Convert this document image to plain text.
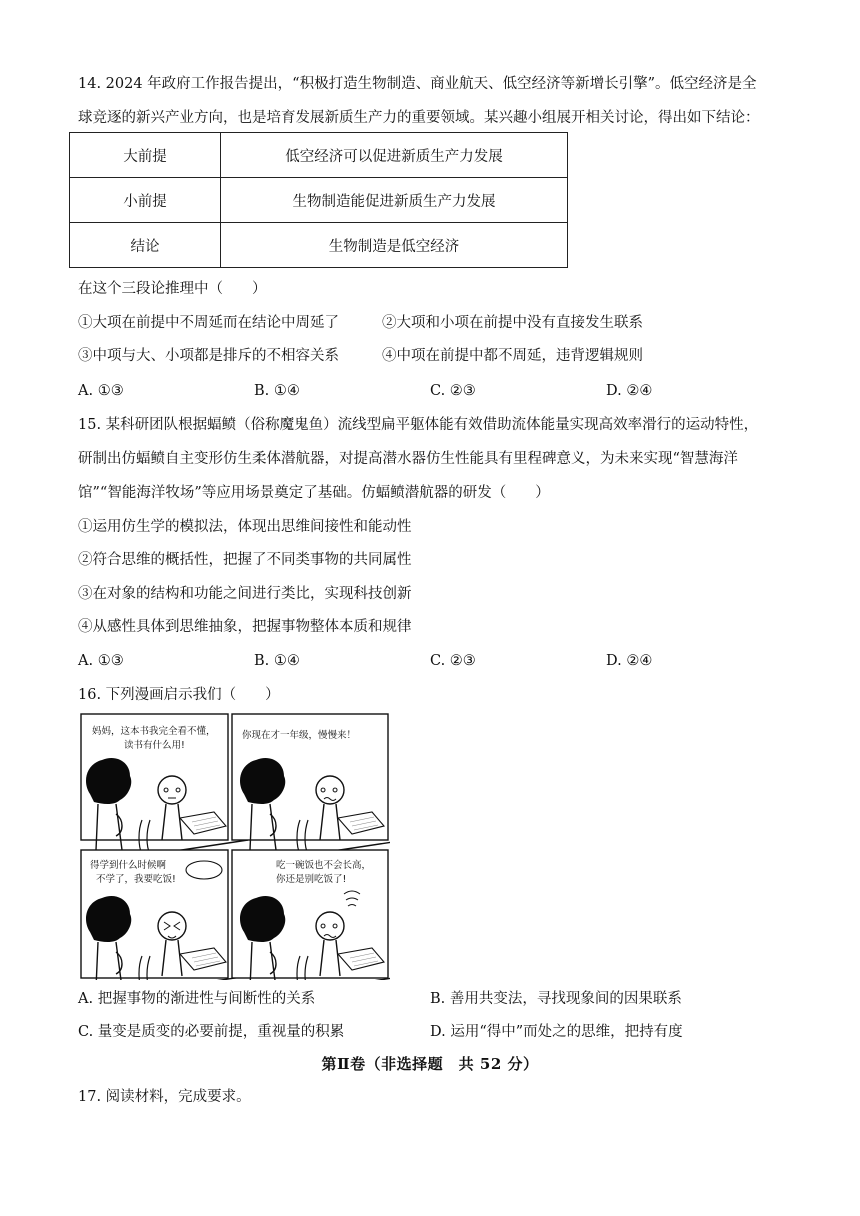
14. 2024 年政府工作报告提出，“积极打造生物制造、商业航天、低空经济等新增长引擎”。低空经济是全
球竞逐的新兴产业方向，也是培育发展新质生产力的重要领域。某兴趣小组展开相关讨论，得出如下结论：
大前提	低空经济可以促进新质生产力发展
小前提	生物制造能促进新质生产力发展
结论	生物制造是低空经济
在这个三段论推理中（　　）
①大项在前提中不周延而在结论中周延了	②大项和小项在前提中没有直接发生联系
③中项与大、小项都是排斥的不相容关系	④中项在前提中都不周延，违背逻辑规则
A. ①③	B. ①④	C. ②③	D. ②④
15. 某科研团队根据蝠鲼（俗称魔鬼鱼）流线型扁平躯体能有效借助流体能量实现高效率滑行的运动特性，
研制出仿蝠鲼自主变形仿生柔体潜航器，对提高潜水器仿生性能具有里程碑意义，为未来实现“智慧海洋
馆”“智能海洋牧场”等应用场景奠定了基础。仿蝠鲼潜航器的研发（　　）
①运用仿生学的模拟法，体现出思维间接性和能动性
②符合思维的概括性，把握了不同类事物的共同属性
③在对象的结构和功能之间进行类比，实现科技创新
④从感性具体到思维抽象，把握事物整体本质和规律
A. ①③	B. ①④	C. ②③	D. ②④
16. 下列漫画启示我们（　　）
妈妈，这本书我完全看不懂，
读书有什么用!
你现在才一年级，慢慢来！
得学到什么时候啊
不学了，我要吃饭!
吃一碗饭也不会长高，
你还是别吃饭了!
A. 把握事物的渐进性与间断性的关系	B. 善用共变法，寻找现象间的因果联系
C. 量变是质变的必要前提，重视量的积累	D. 运用“得中”而处之的思维，把持有度
第Ⅱ卷（非选择题　共 52 分）
17. 阅读材料，完成要求。
